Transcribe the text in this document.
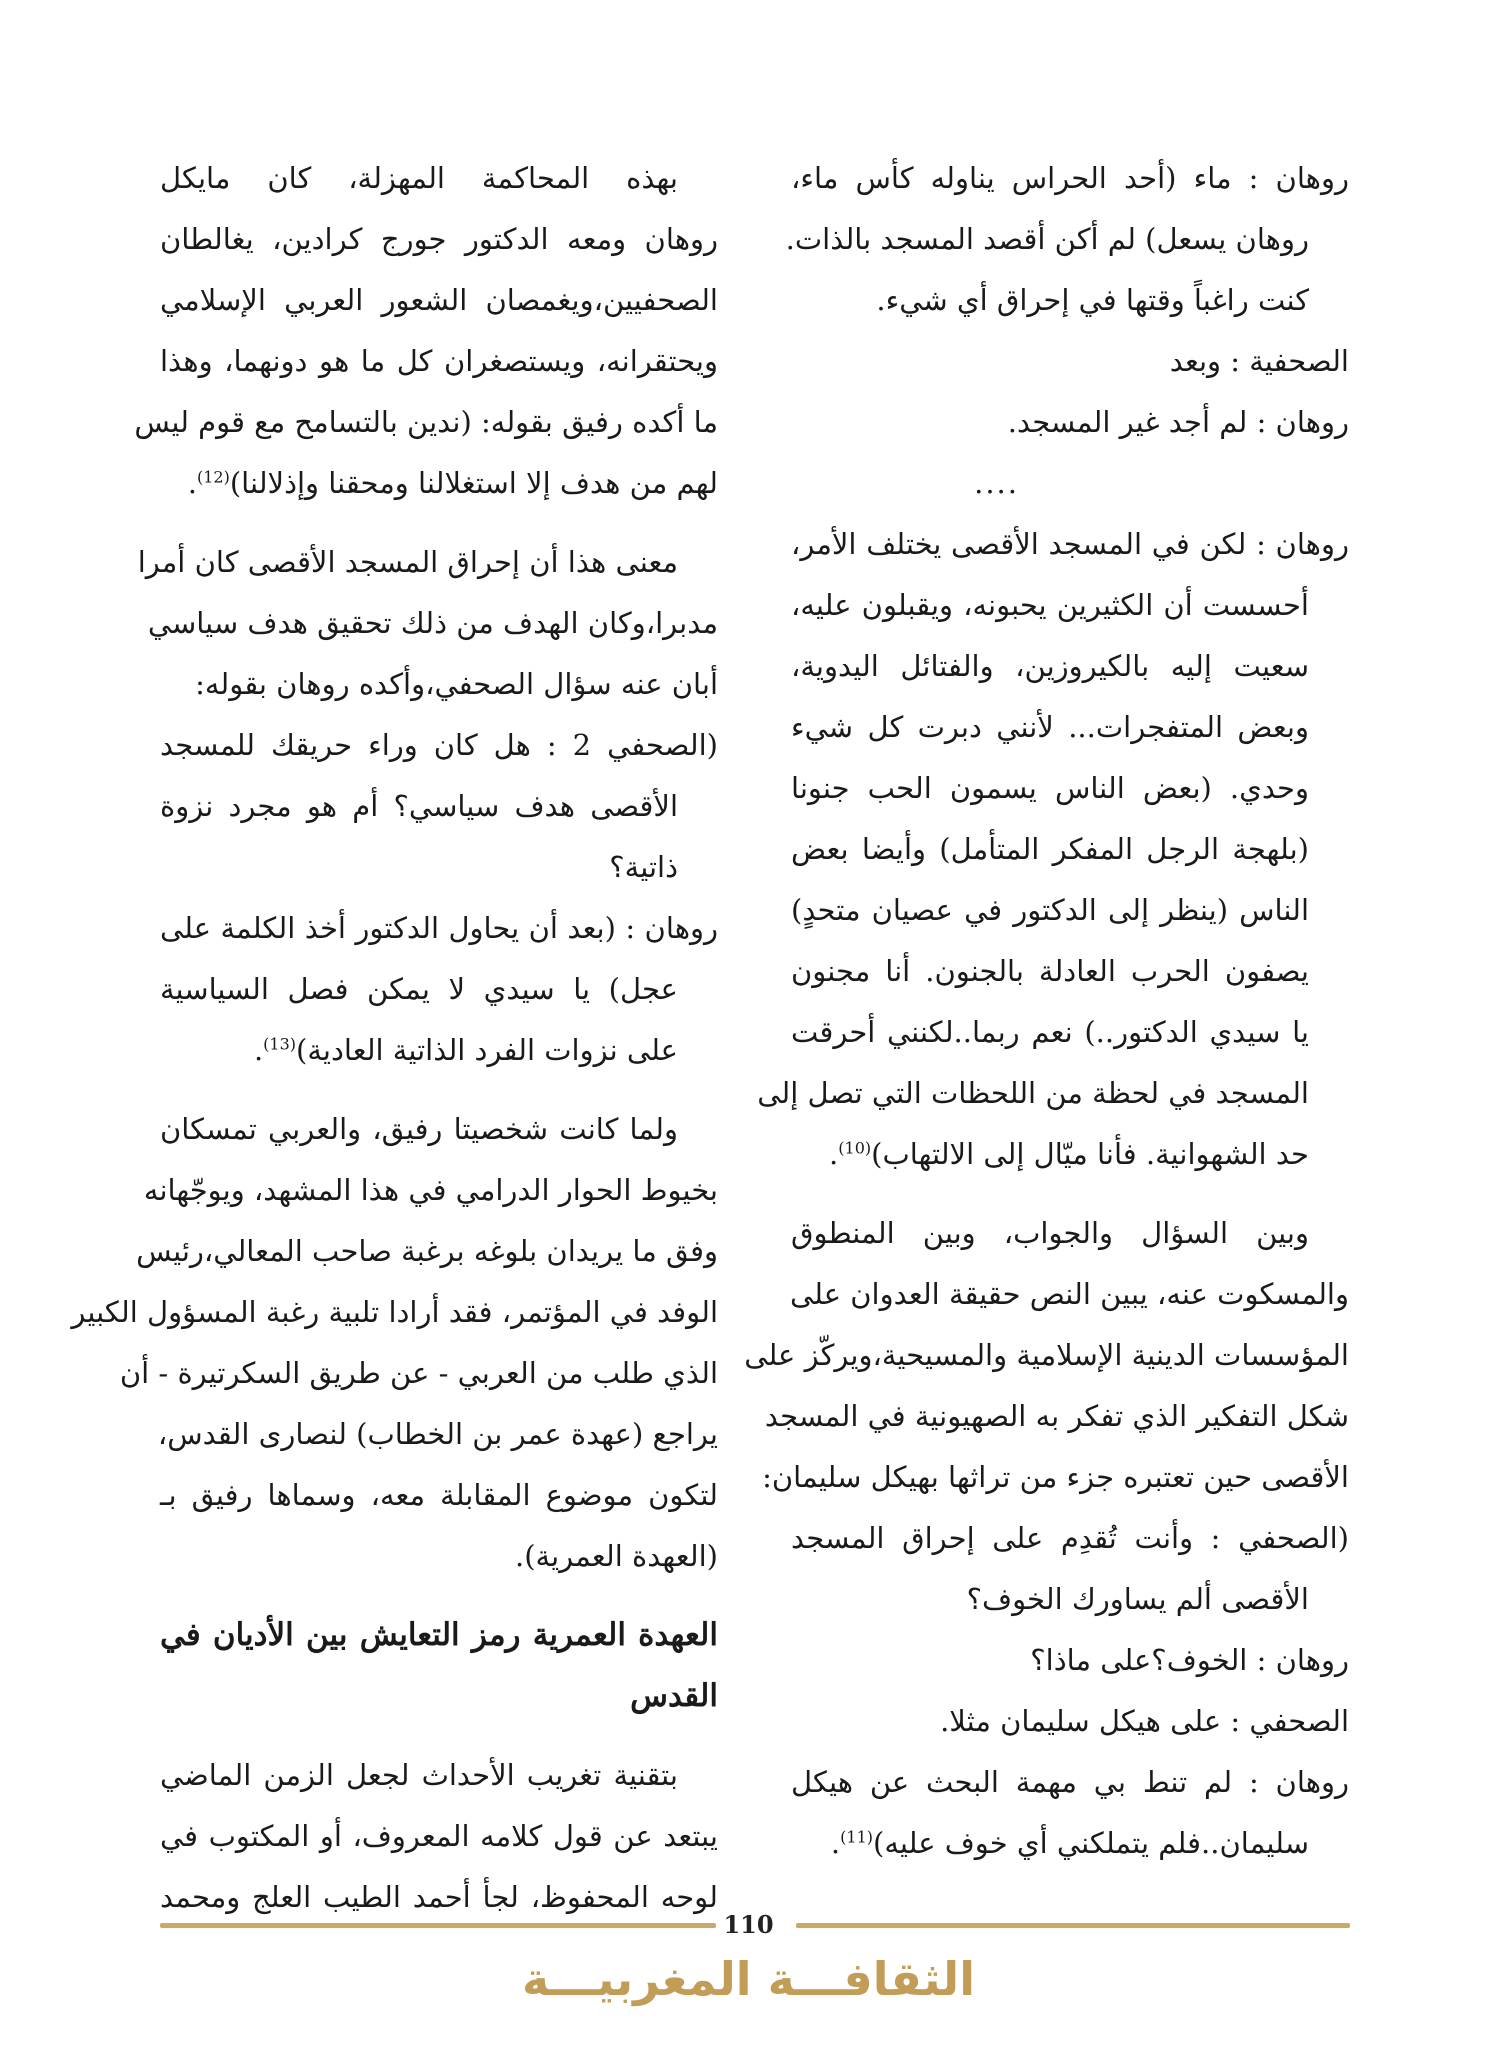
روهان : ماء (أحد الحراس يناوله كأس ماء،
روهان يسعل) لم أكن أقصد المسجد بالذات.
كنت راغباً وقتها في إحراق أي شيء.
الصحفية : وبعد
روهان : لم أجد غير المسجد.
....
روهان : لكن في المسجد الأقصى يختلف الأمر،
أحسست أن الكثيرين يحبونه، ويقبلون عليه،
سعيت إليه بالكيروزين، والفتائل اليدوية،
وبعض المتفجرات... لأنني دبرت كل شيء
وحدي. (بعض الناس يسمون الحب جنونا
(بلهجة الرجل المفكر المتأمل) وأيضا بعض
الناس (ينظر إلى الدكتور في عصيان متحدٍ)
يصفون الحرب العادلة بالجنون. أنا مجنون
يا سيدي الدكتور..) نعم ربما..لكنني أحرقت
المسجد في لحظة من اللحظات التي تصل إلى
حد الشهوانية. فأنا ميّال إلى الالتهاب)$^{(10)}$.
وبين السؤال والجواب، وبين المنطوق
والمسكوت عنه، يبين النص حقيقة العدوان على
المؤسسات الدينية الإسلامية والمسيحية،ويركّز على
شكل التفكير الذي تفكر به الصهيونية في المسجد
الأقصى حين تعتبره جزء من تراثها بهيكل سليمان:
(الصحفي : وأنت تُقدِم على إحراق المسجد
الأقصى ألم يساورك الخوف؟
روهان : الخوف؟على ماذا؟
الصحفي : على هيكل سليمان مثلا.
روهان : لم تنط بي مهمة البحث عن هيكل
سليمان..فلم يتملكني أي خوف عليه)$^{(11)}$.
بهذه المحاكمة المهزلة، كان مايكل
روهان ومعه الدكتور جورج كرادين، يغالطان
الصحفيين،ويغمصان الشعور العربي الإسلامي
ويحتقرانه، ويستصغران كل ما هو دونهما، وهذا
ما أكده رفيق بقوله: (ندين بالتسامح مع قوم ليس
لهم من هدف إلا استغلالنا ومحقنا وإذلالنا)$^{(12)}$.
معنى هذا أن إحراق المسجد الأقصى كان أمرا
مدبرا،وكان الهدف من ذلك تحقيق هدف سياسي
أبان عنه سؤال الصحفي،وأكده روهان بقوله:
(الصحفي 2 : هل كان وراء حريقك للمسجد
الأقصى هدف سياسي؟ أم هو مجرد نزوة
ذاتية؟
روهان : (بعد أن يحاول الدكتور أخذ الكلمة على
عجل) يا سيدي لا يمكن فصل السياسية
على نزوات الفرد الذاتية العادية)$^{(13)}$.
ولما كانت شخصيتا رفيق، والعربي تمسكان
بخيوط الحوار الدرامي في هذا المشهد، ويوجّهانه
وفق ما يريدان بلوغه برغبة صاحب المعالي،رئيس
الوفد في المؤتمر، فقد أرادا تلبية رغبة المسؤول الكبير
الذي طلب من العربي - عن طريق السكرتيرة - أن
يراجع (عهدة عمر بن الخطاب) لنصارى القدس،
لتكون موضوع المقابلة معه، وسماها رفيق بـ
(العهدة العمرية).
العهدة العمرية رمز التعايش بين الأديان في
القدس
بتقنية تغريب الأحداث لجعل الزمن الماضي
يبتعد عن قول كلامه المعروف، أو المكتوب في
لوحه المحفوظ، لجأ أحمد الطيب العلج ومحمد
110
الثقافـــة المغربيـــة
